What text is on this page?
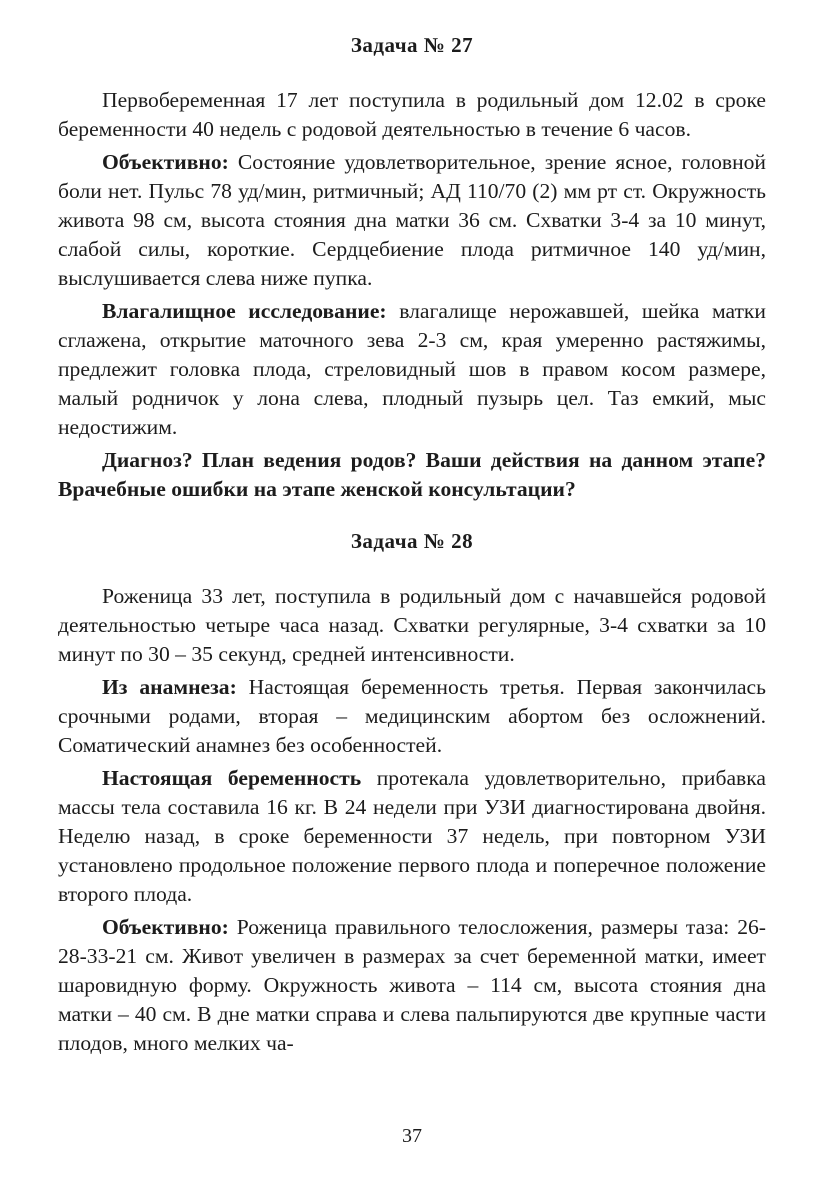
Задача № 27

Первобеременная 17 лет поступила в родильный дом 12.02 в сроке беременности 40 недель с родовой деятельностью в течение 6 часов.

Объективно: Состояние удовлетворительное, зрение ясное, головной боли нет. Пульс 78 уд/мин, ритмичный; АД 110/70 (2) мм рт ст. Окружность живота 98 см, высота стояния дна матки 36 см. Схватки 3-4 за 10 минут, слабой силы, короткие. Сердцебиение плода ритмичное 140 уд/мин, выслушивается слева ниже пупка.

Влагалищное исследование: влагалище нерожавшей, шейка матки сглажена, открытие маточного зева 2-3 см, края умеренно растяжимы, предлежит головка плода, стреловидный шов в правом косом размере, малый родничок у лона слева, плодный пузырь цел. Таз емкий, мыс недостижим.

Диагноз? План ведения родов? Ваши действия на данном этапе? Врачебные ошибки на этапе женской консультации?

Задача № 28

Роженица 33 лет, поступила в родильный дом с начавшейся родовой деятельностью четыре часа назад. Схватки регулярные, 3-4 схватки за 10 минут по 30 – 35 секунд, средней интенсивности.

Из анамнеза: Настоящая беременность третья. Первая закончилась срочными родами, вторая – медицинским абортом без осложнений. Соматический анамнез без особенностей.

Настоящая беременность протекала удовлетворительно, прибавка массы тела составила 16 кг. В 24 недели при УЗИ диагностирована двойня. Неделю назад, в сроке беременности 37 недель, при повторном УЗИ установлено продольное положение первого плода и поперечное положение второго плода.

Объективно: Роженица правильного телосложения, размеры таза: 26-28-33-21 см. Живот увеличен в размерах за счет беременной матки, имеет шаровидную форму. Окружность живота – 114 см, высота стояния дна матки – 40 см. В дне матки справа и слева пальпируются две крупные части плодов, много мелких ча-

37
